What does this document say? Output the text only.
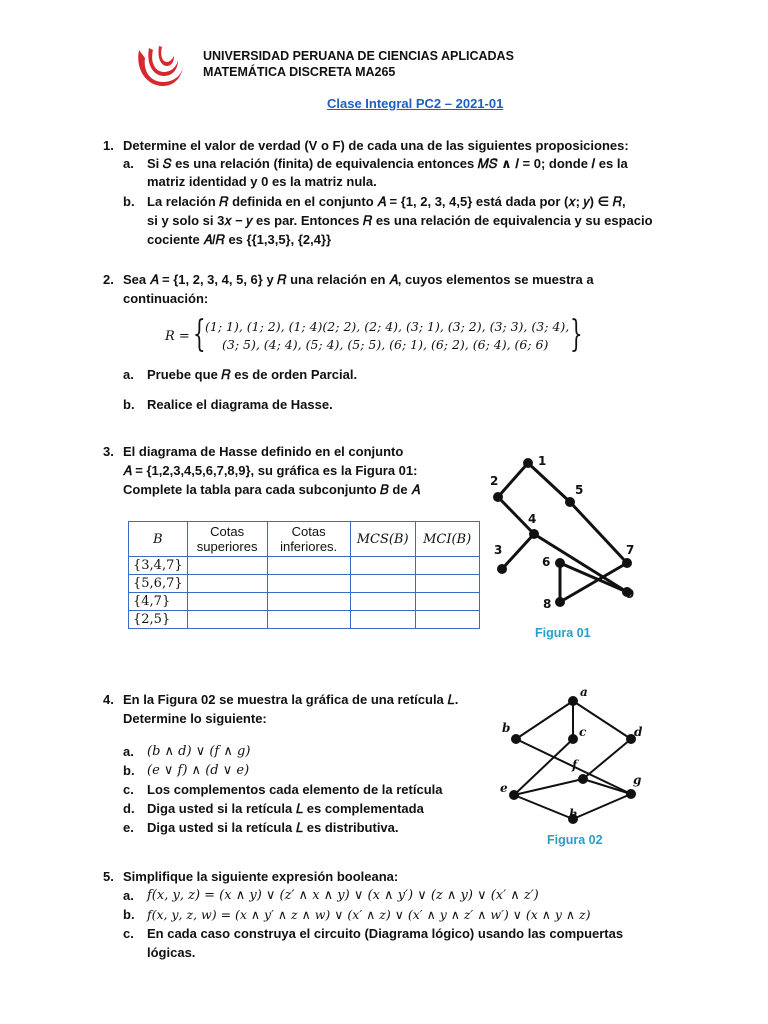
UNIVERSIDAD PERUANA DE CIENCIAS APLICADAS
MATEMÁTICA DISCRETA MA265
Clase Integral PC2 – 2021-01
1. Determine el valor de verdad (V o F) de cada una de las siguientes proposiciones:
a. Si 𝑆 es una relación (finita) de equivalencia entonces 𝑀𝑆̄ ∧ 𝐼 = 0; donde 𝐼 es la
matriz identidad y 0 es la matriz nula.
b. La relación 𝑅 definida en el conjunto 𝐴 = {1, 2, 3, 4,5} está dada por (𝑥; 𝑦) ∈ 𝑅,
si y solo si 3𝑥 − 𝑦 es par. Entonces 𝑅 es una relación de equivalencia y su espacio
cociente 𝐴/𝑅 es {{1,3,5}, {2,4}}
2. Sea 𝐴 = {1, 2, 3, 4, 5, 6} y 𝑅 una relación en 𝐴, cuyos elementos se muestra a
continuación:
𝑅 = { (1; 1), (1; 2), (1; 4)(2; 2), (2; 4), (3; 1), (3; 2), (3; 3), (3; 4),
(3; 5), (4; 4), (5; 4), (5; 5), (6; 1), (6; 2), (6; 4), (6; 6) }
a. Pruebe que 𝑅 es de orden Parcial.
b. Realice el diagrama de Hasse.
3. El diagrama de Hasse definido en el conjunto
𝐴 = {1,2,3,4,5,6,7,8,9}, su gráfica es la Figura 01:
Complete la tabla para cada subconjunto 𝐵 de 𝐴
𝐵	Cotas superiores	Cotas inferiores.	𝑀𝐶𝑆(𝐵)	𝑀𝐶𝐼(𝐵)
{3,4,7}				
{5,6,7}				
{4,7}				
{2,5}				
1
2
5
4
3
6
7
8
9
Figura 01
4. En la Figura 02 se muestra la gráfica de una retícula 𝐿.
Determine lo siguiente:
a. (𝑏 ∧ 𝑑) ∨ (𝑓 ∧ 𝑔)
b. (𝑒 ∨ 𝑓) ∧ (𝑑 ∨ 𝑒)
c. Los complementos cada elemento de la retícula
d. Diga usted si la retícula 𝐿 es complementada
e. Diga usted si la retícula 𝐿 es distributiva.
a
b	c	d
f
g
e
h
Figura 02
5. Simplifique la siguiente expresión booleana:
a. 𝑓(𝑥, 𝑦, 𝑧) = (𝑥 ∧ 𝑦) ∨ (𝑧′ ∧ 𝑥 ∧ 𝑦) ∨ (𝑥 ∧ 𝑦′) ∨ (𝑧 ∧ 𝑦) ∨ (𝑥′ ∧ 𝑧′)
b. 𝑓(𝑥, 𝑦, 𝑧, 𝑤) = (𝑥 ∧ 𝑦′ ∧ 𝑧 ∧ 𝑤) ∨ (𝑥′ ∧ 𝑧) ∨ (𝑥′ ∧ 𝑦 ∧ 𝑧′ ∧ 𝑤′) ∨ (𝑥 ∧ 𝑦 ∧ 𝑧)
c. En cada caso construya el circuito (Diagrama lógico) usando las compuertas
lógicas.
